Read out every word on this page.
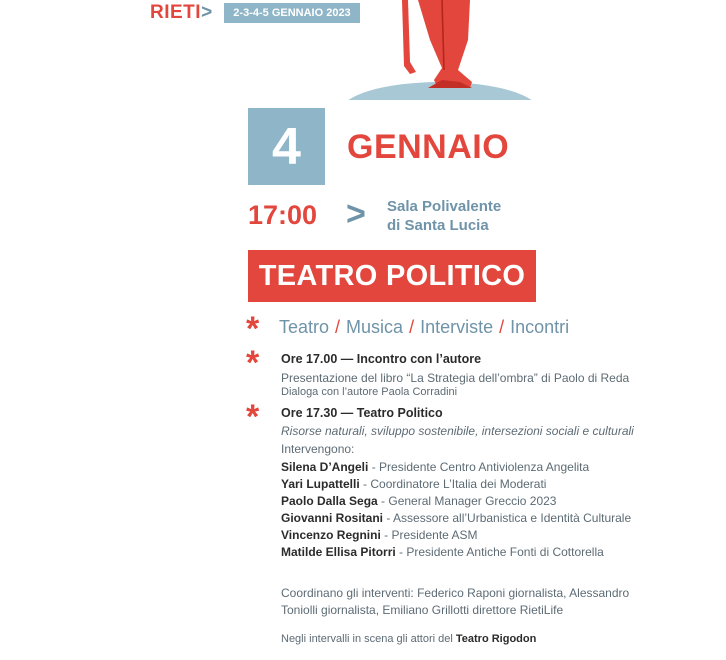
RIETI>	2-3-4-5 GENNAIO 2023
4	GENNAIO
17:00 > Sala Polivalente
di Santa Lucia
TEATRO POLITICO
*
*
*
Teatro / Musica / Interviste / Incontri
Ore 17.00 — Incontro con l’autore
Presentazione del libro “La Strategia dell’ombra” di Paolo di Reda
Dialoga con l’autore Paola Corradini
Ore 17.30 — Teatro Politico
Risorse naturali, sviluppo sostenibile, intersezioni sociali e culturali
Intervengono:
Silena D’Angeli - Presidente Centro Antiviolenza Angelita
Yari Lupattelli - Coordinatore L’Italia dei Moderati
Paolo Dalla Sega - General Manager Greccio 2023
Giovanni Rositani - Assessore all’Urbanistica e Identità Culturale
Vincenzo Regnini - Presidente ASM
Matilde Ellisa Pitorri - Presidente Antiche Fonti di Cottorella
Coordinano gli interventi: Federico Raponi giornalista, Alessandro
Toniolli giornalista, Emiliano Grillotti direttore RietiLife
Negli intervalli in scena gli attori del Teatro Rigodon
